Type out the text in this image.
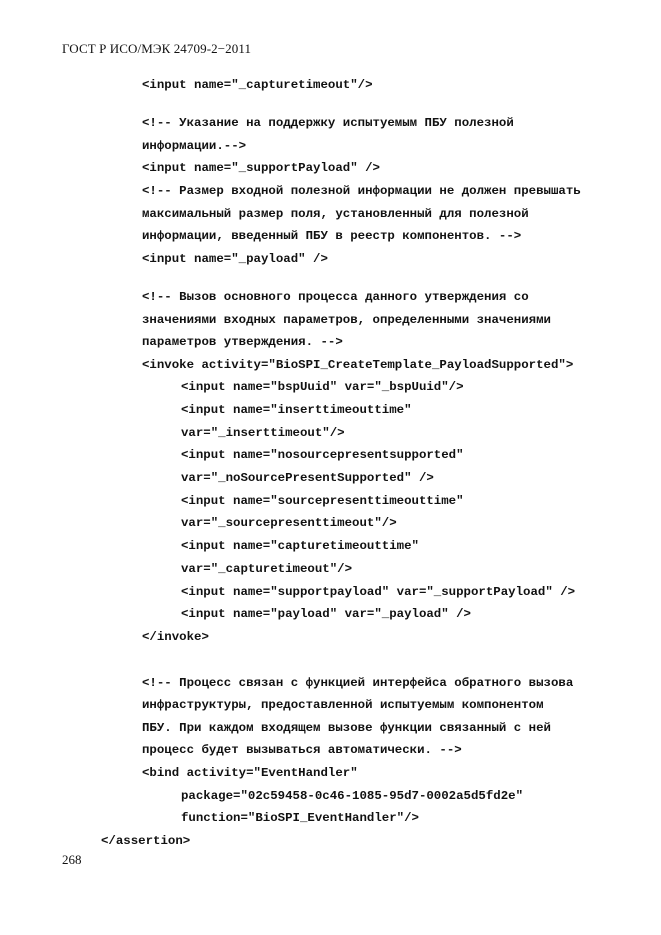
ГОСТ Р ИСО/МЭК 24709-2−2011
<input name="_capturetimeout"/>
<!-- Указание на поддержку испытуемым ПБУ полезной
информации.-->
<input name="_supportPayload" />
<!-- Размер входной полезной информации не должен превышать
максимальный размер поля, установленный для полезной
информации, введенный ПБУ в реестр компонентов. -->
<input name="_payload" />
<!-- Вызов основного процесса данного утверждения со
значениями входных параметров, определенными значениями
параметров утверждения. -->
<invoke activity="BioSPI_CreateTemplate_PayloadSupported">
<input name="bspUuid" var="_bspUuid"/>
<input name="inserttimeouttime"
var="_inserttimeout"/>
<input name="nosourcepresentsupported"
var="_noSourcePresentSupported" />
<input name="sourcepresenttimeouttime"
var="_sourcepresenttimeout"/>
<input name="capturetimeouttime"
var="_capturetimeout"/>
<input name="supportpayload" var="_supportPayload" />
<input name="payload" var="_payload" />
</invoke>
<!-- Процесс связан с функцией интерфейса обратного вызова
инфраструктуры, предоставленной испытуемым компонентом
ПБУ. При каждом входящем вызове функции связанный с ней
процесс будет вызываться автоматически. -->
<bind activity="EventHandler"
package="02c59458-0c46-1085-95d7-0002a5d5fd2e"
function="BioSPI_EventHandler"/>
</assertion>
268
